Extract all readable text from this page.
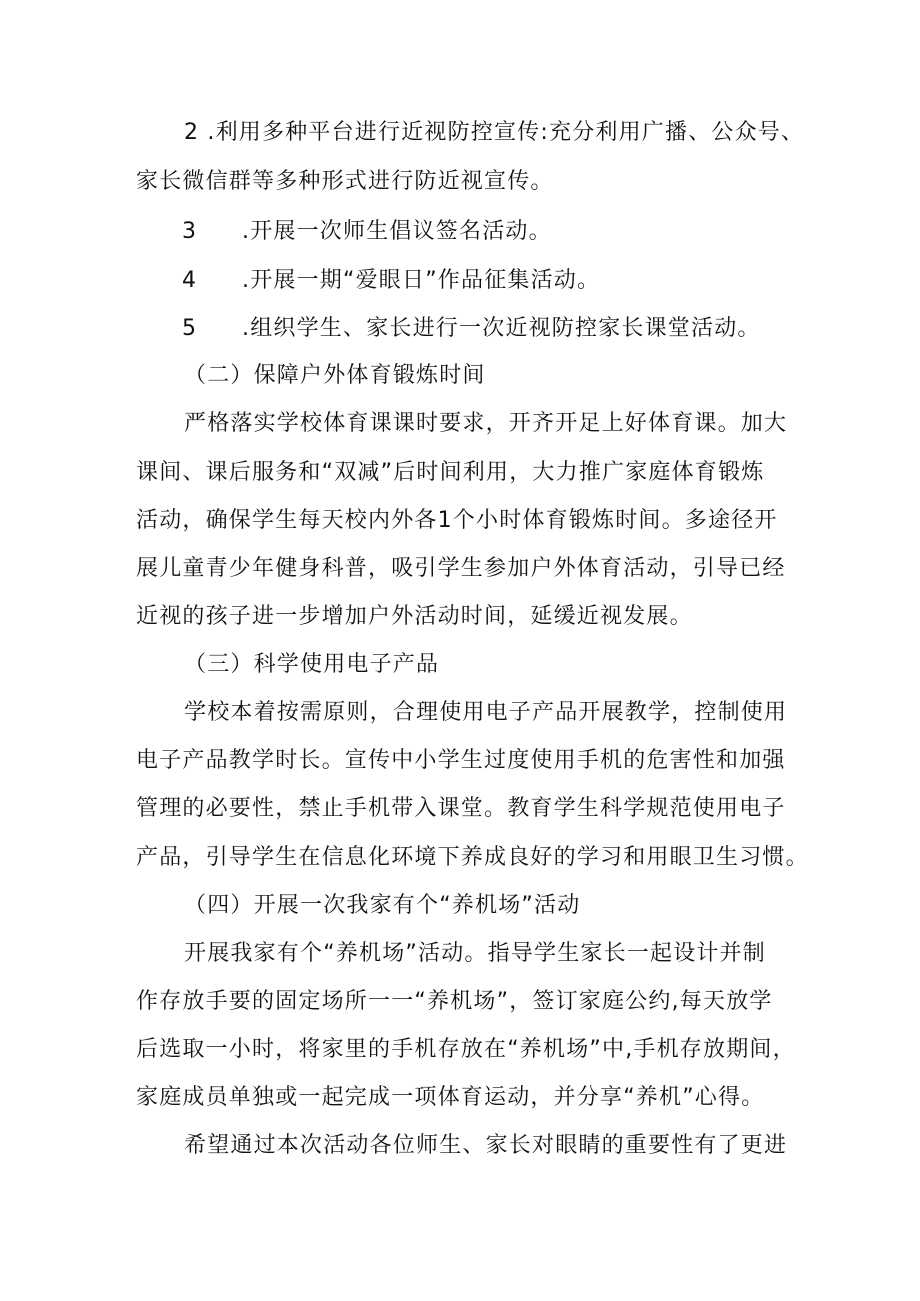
2 .利用多种平台进行近视防控宣传:充分利用广播、公众号、
家长微信群等多种形式进行防近视宣传。
3 .开展一次师生倡议签名活动。
4 .开展一期“爱眼日”作品征集活动。
5 .组织学生、家长进行一次近视防控家长课堂活动。
（二）保障户外体育锻炼时间
严格落实学校体育课课时要求，开齐开足上好体育课。加大
课间、课后服务和“双减”后时间利用，大力推广家庭体育锻炼
活动，确保学生每天校内外各1个小时体育锻炼时间。多途径开
展儿童青少年健身科普，吸引学生参加户外体育活动，引导已经
近视的孩子进一步增加户外活动时间，延缓近视发展。
（三）科学使用电子产品
学校本着按需原则，合理使用电子产品开展教学，控制使用
电子产品教学时长。宣传中小学生过度使用手机的危害性和加强
管理的必要性，禁止手机带入课堂。教育学生科学规范使用电子
产品，引导学生在信息化环境下养成良好的学习和用眼卫生习惯。
（四）开展一次我家有个“养机场”活动
开展我家有个“养机场”活动。指导学生家长一起设计并制
作存放手要的固定场所一一“养机场”，签订家庭公约,每天放学
后选取一小时，将家里的手机存放在“养机场”中,手机存放期间，
家庭成员单独或一起完成一项体育运动，并分享“养机”心得。
希望通过本次活动各位师生、家长对眼睛的重要性有了更进
